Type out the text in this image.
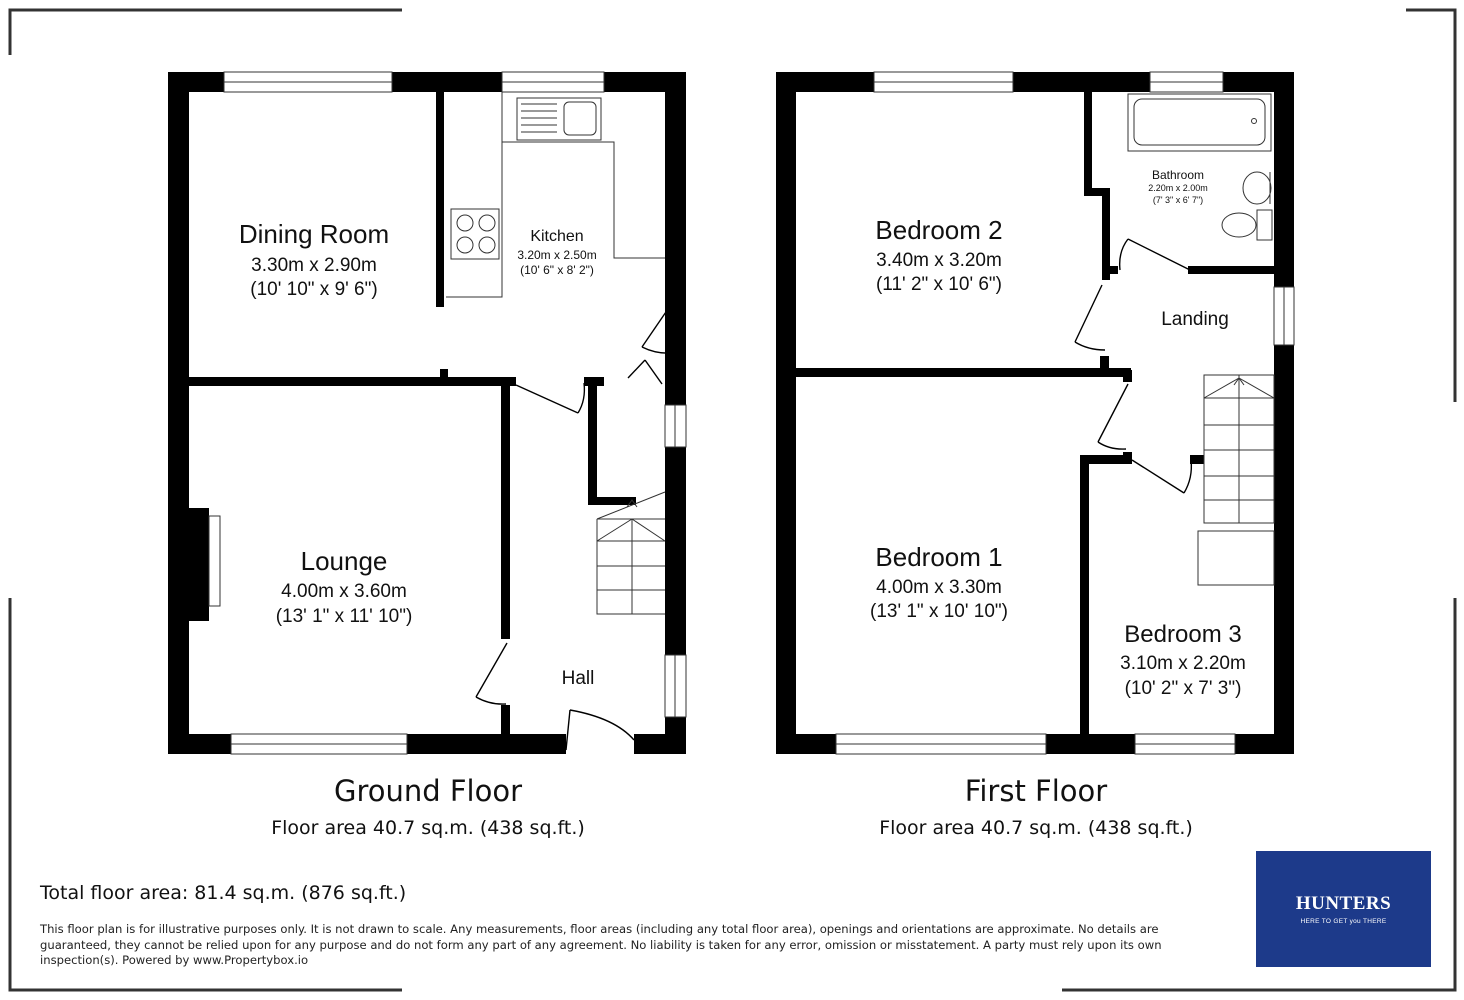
Dining Room
3.30m x 2.90m
(10' 10" x 9' 6")
Kitchen
3.20m x 2.50m
(10' 6" x 8' 2")
Lounge
4.00m x 3.60m
(13' 1" x 11' 10")
Hall
Bedroom 2
3.40m x 3.20m
(11' 2" x 10' 6")
Bathroom
2.20m x 2.00m
(7' 3" x 6' 7")
Landing
Bedroom 1
4.00m x 3.30m
(13' 1" x 10' 10")
Bedroom 3
3.10m x 2.20m
(10' 2" x 7' 3")
Ground Floor
Floor area 40.7 sq.m. (438 sq.ft.)
First Floor
Floor area 40.7 sq.m. (438 sq.ft.)
Total floor area: 81.4 sq.m. (876 sq.ft.)
This floor plan is for illustrative purposes only. It is not drawn to scale. Any measurements, floor areas (including any total floor area), openings and orientations are approximate. No details are guaranteed, they cannot be relied upon for any purpose and do not form any part of any agreement. No liability is taken for any error, omission or misstatement. A party must rely upon its own inspection(s). Powered by www.Propertybox.io
HUNTERS
HERE TO GET you THERE
